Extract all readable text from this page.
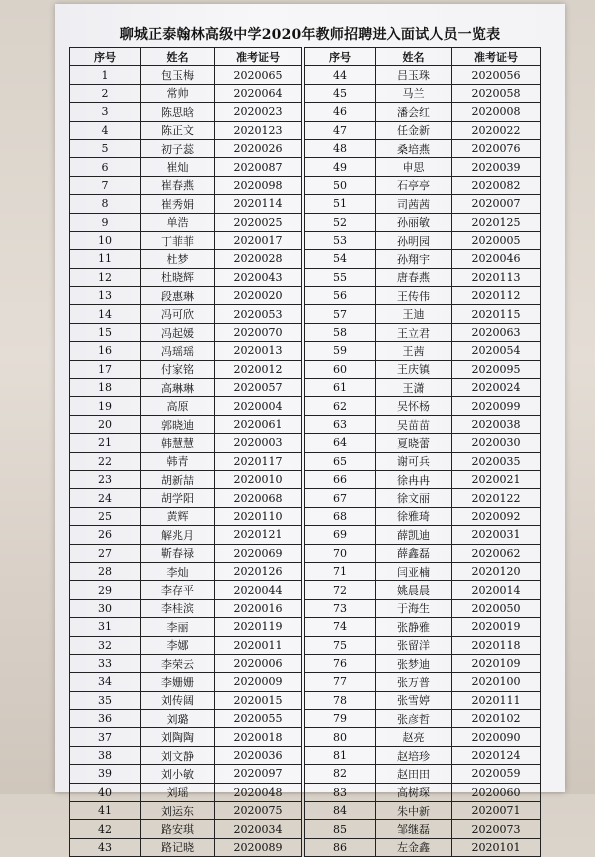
聊城正泰翰林高级中学2020年教师招聘进入面试人员一览表
序号	姓名	准考证号
1	包玉梅	2020065
2	常帅	2020064
3	陈思晗	2020023
4	陈正文	2020123
5	初子蕊	2020026
6	崔灿	2020087
7	崔春燕	2020098
8	崔秀娟	2020114
9	单浩	2020025
10	丁菲菲	2020017
11	杜梦	2020028
12	杜晓辉	2020043
13	段惠琳	2020020
14	冯可欣	2020053
15	冯起媛	2020070
16	冯瑶瑶	2020013
17	付家铭	2020012
18	高琳琳	2020057
19	高原	2020004
20	郭晓迪	2020061
21	韩慧慧	2020003
22	韩青	2020117
23	胡新喆	2020010
24	胡学阳	2020068
25	黄辉	2020110
26	解兆月	2020121
27	靳春禄	2020069
28	李灿	2020126
29	李存平	2020044
30	李桂滨	2020016
31	李丽	2020119
32	李娜	2020011
33	李荣云	2020006
34	李姗姗	2020009
35	刘传阔	2020015
36	刘璐	2020055
37	刘陶陶	2020018
38	刘文静	2020036
39	刘小敏	2020097
40	刘瑶	2020048
41	刘运东	2020075
42	路安琪	2020034
43	路记晓	2020089
序号	姓名	准考证号
44	吕玉珠	2020056
45	马兰	2020058
46	潘会红	2020008
47	任金新	2020022
48	桑培燕	2020076
49	申思	2020039
50	石亭亭	2020082
51	司茜茜	2020007
52	孙丽敏	2020125
53	孙明园	2020005
54	孙翔宇	2020046
55	唐春燕	2020113
56	王传伟	2020112
57	王迪	2020115
58	王立君	2020063
59	王茜	2020054
60	王庆镇	2020095
61	王潇	2020024
62	吴怀杨	2020099
63	吴苗苗	2020038
64	夏晓蕾	2020030
65	谢可兵	2020035
66	徐冉冉	2020021
67	徐文丽	2020122
68	徐雅琦	2020092
69	薛凯迪	2020031
70	薛鑫磊	2020062
71	闫亚楠	2020120
72	姚晨晨	2020014
73	于海生	2020050
74	张静雅	2020019
75	张留洋	2020118
76	张梦迪	2020109
77	张万普	2020100
78	张雪婷	2020111
79	张彦哲	2020102
80	赵亮	2020090
81	赵培珍	2020124
82	赵田田	2020059
83	高树琛	2020060
84	朱中新	2020071
85	邹继磊	2020073
86	左金鑫	2020101
